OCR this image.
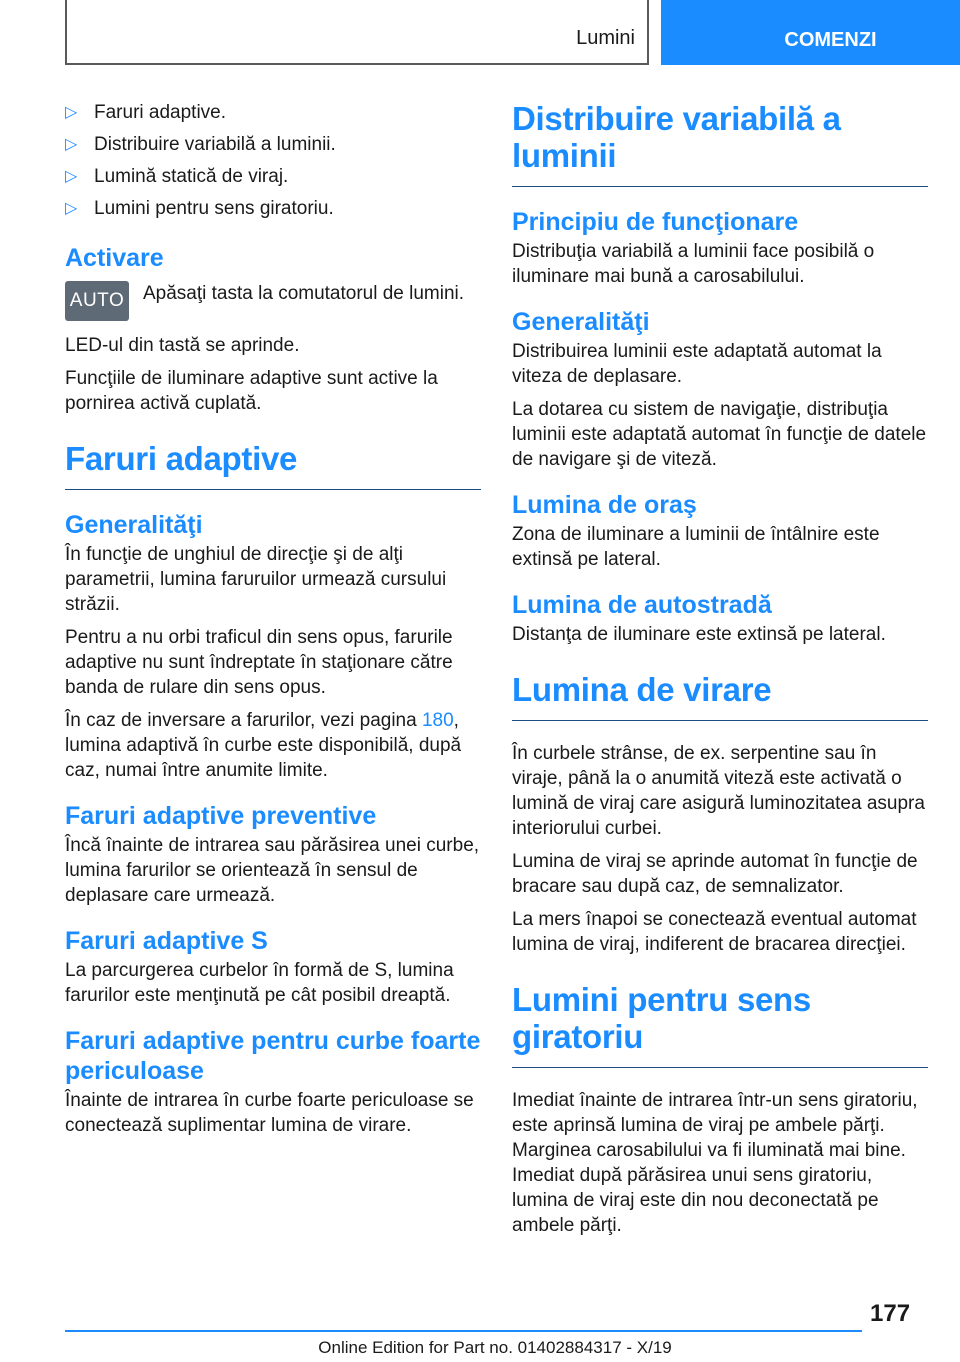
Lumini	COMENZI
▷ Faruri adaptive.
▷ Distribuire variabilă a luminii.
▷ Lumină statică de viraj.
▷ Lumini pentru sens giratoriu.
Activare
AUTO Apăsaţi tasta la comutatorul de lumini.

LED-ul din tastă se aprinde.

Funcţiile de iluminare adaptive sunt active la pornirea activă cuplată.

Faruri adaptive
Generalităţi

În funcţie de unghiul de direcţie şi de alţi parametrii, lumina faruruilor urmează cursului străzii.

Pentru a nu orbi traficul din sens opus, farurile adaptive nu sunt îndreptate în staţionare către banda de rulare din sens opus.

În caz de inversare a farurilor, vezi pagina 180, lumina adaptivă în curbe este disponibilă, după caz, numai între anumite limite.

Faruri adaptive preventive

Încă înainte de intrarea sau părăsirea unei curbe, lumina farurilor se orientează în sensul de deplasare care urmează.

Faruri adaptive S

La parcurgerea curbelor în formă de S, lumina farurilor este menţinută pe cât posibil dreaptă.

Faruri adaptive pentru curbe foarte periculoase

Înainte de intrarea în curbe foarte periculoase se conectează suplimentar lumina de virare.

Distribuire variabilă a luminii
Principiu de funcţionare

Distribuţia variabilă a luminii face posibilă o iluminare mai bună a carosabilului.

Generalităţi

Distribuirea luminii este adaptată automat la viteza de deplasare.

La dotarea cu sistem de navigaţie, distribuţia luminii este adaptată automat în funcţie de datele de navigare şi de viteză.

Lumina de oraş

Zona de iluminare a luminii de întâlnire este extinsă pe lateral.

Lumina de autostradă

Distanţa de iluminare este extinsă pe lateral.

Lumina de virare

În curbele strânse, de ex. serpentine sau în viraje, până la o anumită viteză este activată o lumină de viraj care asigură luminozitatea asupra interiorului curbei.

Lumina de viraj se aprinde automat în funcţie de bracare sau după caz, de semnalizator.

La mers înapoi se conectează eventual automat lumina de viraj, indiferent de bracarea direcţiei.

Lumini pentru sens giratoriu

Imediat înainte de intrarea într-un sens giratoriu, este aprinsă lumina de viraj pe ambele părţi. Marginea carosabilului va fi iluminată mai bine. Imediat după părăsirea unui sens giratoriu, lumina de viraj este din nou deconectată pe ambele părţi.

177
Online Edition for Part no. 01402884317 - X/19
